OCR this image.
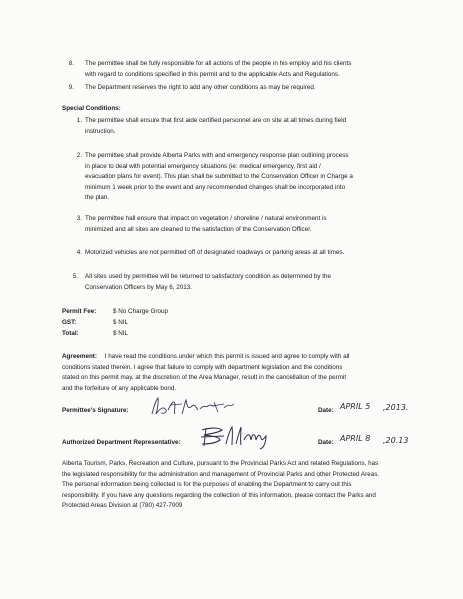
8. The permittee shall be fully responsible for all actions of the people in his employ and his clients
with regard to conditions specified in this permit and to the applicable Acts and Regulations.
9. The Department reserves the right to add any other conditions as may be required.
Special Conditions:
1. The permittee shall ensure that first aide certified personnel are on site at all times during field
instruction.
2. The permittee shall provide Alberta Parks with and emergency response plan outlining process
in place to deal with potential emergency situations (ie: medical emergency, first aid /
evacuation plans for event). This plan shall be submitted to the Conservation Officer in Charge a
minimum 1 week prior to the event and any recommended changes shall be incorporated into
the plan.
3. The permittee hall ensure that impact on vegetation / shoreline / natural environment is
minimized and all sites are cleaned to the satisfaction of the Conservation Officer.
4. Motorized vehicles are not permitted off of designated roadways or parking areas at all times.
5. All sites used by permittee will be returned to satisfactory condition as determined by the
Conservation Officers by May 6, 2013.
Permit Fee:	$ No Charge Group
GST:	$ NIL
Total:	$ NIL
Agreement: I have read the conditions under which this permit is issued and agree to comply with all
conditions stated therein. I agree that failure to comply with department legislation and the conditions
stated on this permit may, at the discretion of the Area Manager, result in the cancellation of the permit
and the forfeiture of any applicable bond.
Permittee's Signature:	Date: APRIL 5 ,2013.
Authorized Department Representative:	Date: APRIL 8 ,20.13
Alberta Tourism, Parks, Recreation and Culture, pursuant to the Provincial Parks Act and related Regulations, has
the legislated responsibility for the administration and management of Provincial Parks and other Protected Areas.
The personal information being collected is for the purposes of enabling the Department to carry out this
responsibility. If you have any questions regarding the collection of this information, please contact the Parks and
Protected Areas Division at (780) 427-7009
